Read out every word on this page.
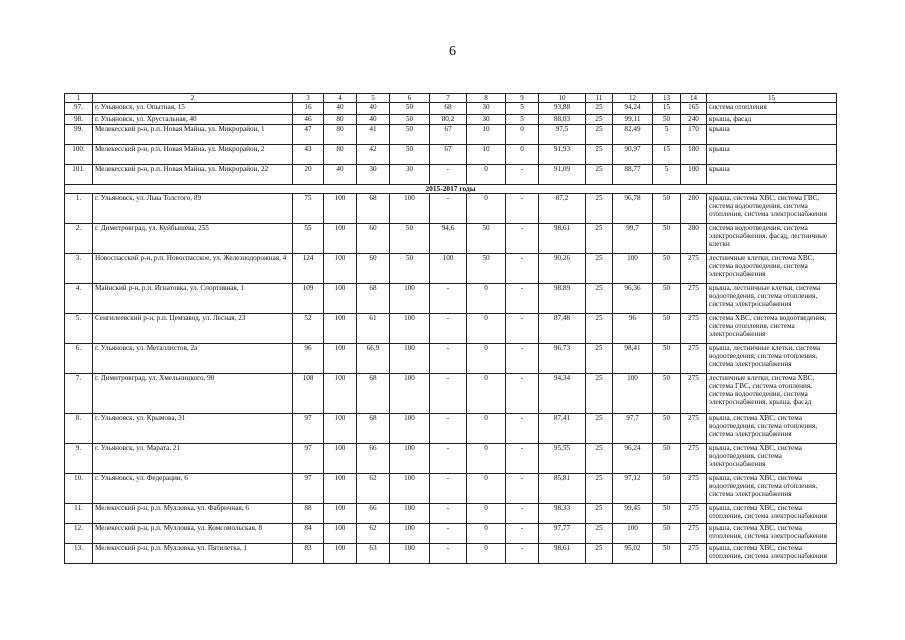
6
1	2	3	4	5	6	7	8	9	10	11	12	13	14	15
97.	г. Ульяновск, ул. Опытная, 15	16	40	40	50	68	30	5	93,88	25	94,24	15	165	система отопления
98.	г. Ульяновск, ул. Хрустальная, 40	46	80	40	50	80,2	30	5	88,03	25	99,11	50	240	крыша, фасад
99.	Мелекесский р-н, р.п. Новая Майна, ул. Микрорайон, 1	47	80	41	50	67	10	0	97,5	25	82,49	5	170	крыша
100.	Мелекесский р-н, р.п. Новая Майна, ул. Микрорайон, 2	43	80	42	50	67	10	0	91,93	25	90,97	15	180	крыша
101.	Мелекесский р-н, р.п. Новая Майна, ул. Микрорайон, 22	20	40	30	30	-	0	-	91,09	25	88,77	5	100	крыша
2015-2017 годы														
1.	г. Ульяновск, ул. Льва Толстого, 89	75	100	68	100	-	0	-	87,2	25	96,78	50	280	крыша, система ХВС, система ГВС, система водоотведения, система отопления, система электроснабжения
2.	г. Димитровград, ул. Куйбышева, 255	55	100	60	50	94,6	50	-	98,61	25	99,7	50	280	система водоотведения, система электроснабжения, фасад, лестничные клетки
3.	Новоспасский р-н, р.п. Новоспасское, ул. Железнодорожная, 4	124	100	60	50	100	50	-	90,26	25	100	50	275	лестничные клетки, система ХВС, система водоотведения, система электроснабжения
4.	Майнский р-н, р.п. Игнатовка, ул. Спортивная, 1	109	100	68	100	-	0	-	98,89	25	96,36	50	275	крыша, лестничные клетки, система водоотведения, система отопления, система электроснабжения
5.	Сенгилеевский р-н, р.п. Цемзавод, ул. Лесная, 23	52	100	61	100	-	0	-	87,48	25	96	50	275	система ХВС, система водоотведения, система отопления, система электроснабжения
6.	г. Ульяновск, ул. Металлистов, 2а	96	100	66,9	100	-	0	-	96,73	25	98,41	50	275	крыша, лестничные клетки, система водоотведения, система отопления, система электроснабжения
7.	г. Димитровград, ул. Хмельницкого, 90	108	100	68	100	-	0	-	94,34	25	100	50	275	лестничные клетки, система ХВС, система ГВС, система отопления, система водоотведения, система электроснабжения, крыша, фасад
8.	г. Ульяновск, ул. Крымова, 31	97	100	68	100	-	0	-	87,41	25	97,7	50	275	крыша, система ХВС, система водоотведения, система отопления, система электроснабжения
9.	г. Ульяновск, ул. Марата, 21	97	100	66	100	-	0	-	95,55	25	96,24	50	275	крыша, система ХВС, система водоотведения, система электроснабжения
10.	г. Ульяновск, ул. Федерации, 6	97	100	62	100	-	0	-	85,81	25	97,12	50	275	крыша, система ХВС, система водоотведения, система отопления, система электроснабжения
11.	Мелекесский р-н, р.п. Мулловка, ул. Фабричная, 6	88	100	66	100	-	0	-	98,33	25	99,45	50	275	крыша, система ХВС, система отопления, система электроснабжения
12.	Мелекесский р-н, р.п. Мулловка, ул. Комсомольская, 8	84	100	62	100	-	0	-	97,77	25	100	50	275	крыша, система ХВС, система отопления, система электроснабжения
13.	Мелекесский р-н, р.п. Мулловка, ул. Пятилетка, 1	83	100	63	100	-	0	-	98,61	25	95,02	50	275	крыша, система ХВС, система отопления, система электроснабжения
